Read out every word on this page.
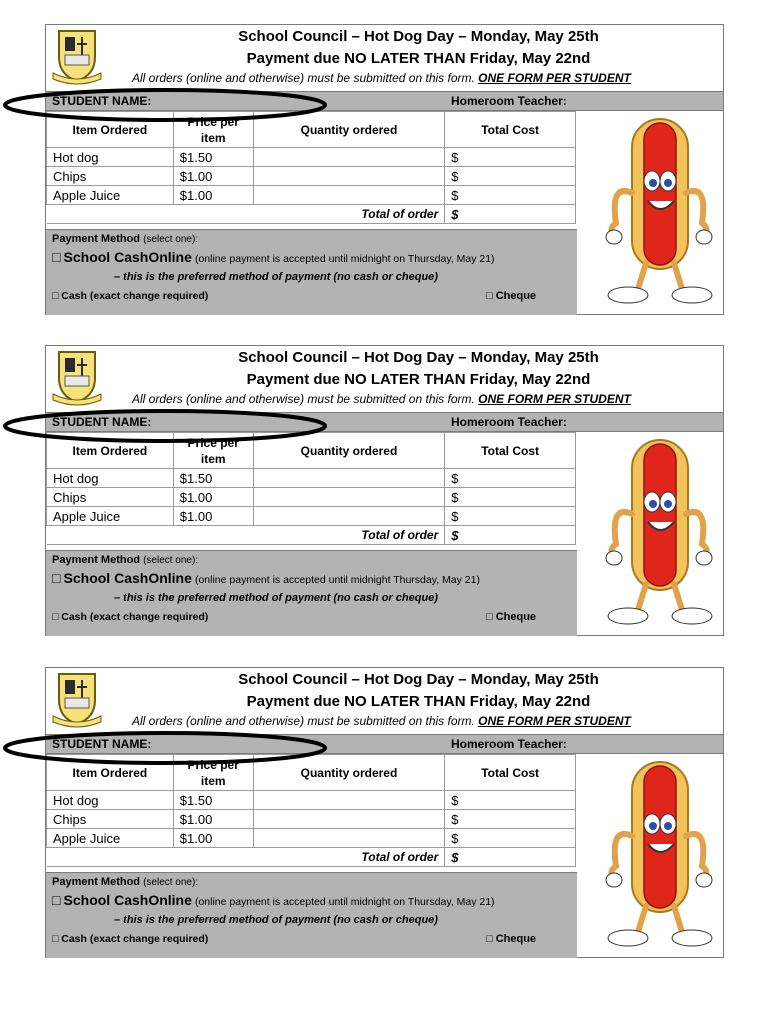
School Council – Hot Dog Day – Monday, May 25th
Payment due NO LATER THAN Friday, May 22nd
All orders (online and otherwise) must be submitted on this form. ONE FORM PER STUDENT
STUDENT NAME:	Homeroom Teacher:
Item Ordered	Price per item	Quantity ordered	Total Cost
Hot dog	$1.50		$
Chips	$1.00		$
Apple Juice	$1.00		$
Total of order			$
Payment Method (select one):
□ School CashOnline (online payment is accepted until midnight on Thursday, May 21)
– this is the preferred method of payment (no cash or cheque)
□ Cash (exact change required)	□ Cheque
School Council – Hot Dog Day – Monday, May 25th
Payment due NO LATER THAN Friday, May 22nd
All orders (online and otherwise) must be submitted on this form. ONE FORM PER STUDENT
STUDENT NAME:	Homeroom Teacher:
Item Ordered	Price per item	Quantity ordered	Total Cost
Hot dog	$1.50		$
Chips	$1.00		$
Apple Juice	$1.00		$
Total of order			$
Payment Method (select one):
□ School CashOnline (online payment is accepted until midnight Thursday, May 21)
– this is the preferred method of payment (no cash or cheque)
□ Cash (exact change required)	□ Cheque
School Council – Hot Dog Day – Monday, May 25th
Payment due NO LATER THAN Friday, May 22nd
All orders (online and otherwise) must be submitted on this form. ONE FORM PER STUDENT
STUDENT NAME:	Homeroom Teacher:
Item Ordered	Price per item	Quantity ordered	Total Cost
Hot dog	$1.50		$
Chips	$1.00		$
Apple Juice	$1.00		$
Total of order			$
Payment Method (select one):
□ School CashOnline (online payment is accepted until midnight on Thursday, May 21)
– this is the preferred method of payment (no cash or cheque)
□ Cash (exact change required)	□ Cheque
